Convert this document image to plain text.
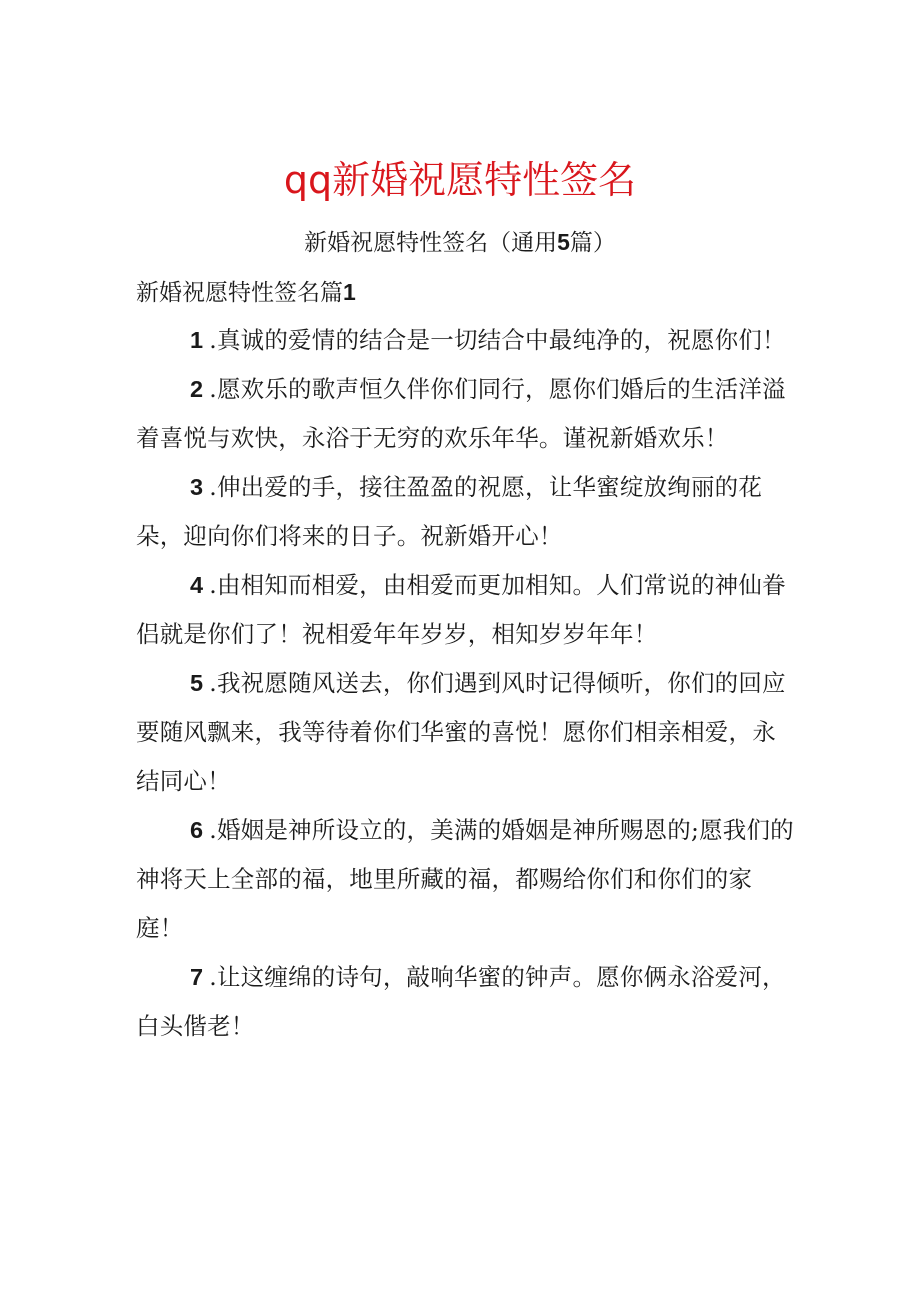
qq新婚祝愿特性签名

新婚祝愿特性签名（通用5篇）

新婚祝愿特性签名篇1

1 .真诚的爱情的结合是一切结合中最纯净的，祝愿你们！
2 .愿欢乐的歌声恒久伴你们同行，愿你们婚后的生活洋溢着喜悦与欢快，永浴于无穷的欢乐年华。谨祝新婚欢乐！
3 .伸出爱的手，接往盈盈的祝愿，让华蜜绽放绚丽的花朵，迎向你们将来的日子。祝新婚开心！
4 .由相知而相爱，由相爱而更加相知。人们常说的神仙眷侣就是你们了！祝相爱年年岁岁，相知岁岁年年！
5 .我祝愿随风送去，你们遇到风时记得倾听，你们的回应要随风飘来，我等待着你们华蜜的喜悦！愿你们相亲相爱，永结同心！
6 .婚姻是神所设立的，美满的婚姻是神所赐恩的;愿我们的神将天上全部的福，地里所藏的福，都赐给你们和你们的家庭！
7 .让这缠绵的诗句，敲响华蜜的钟声。愿你俩永浴爱河，白头偕老！
